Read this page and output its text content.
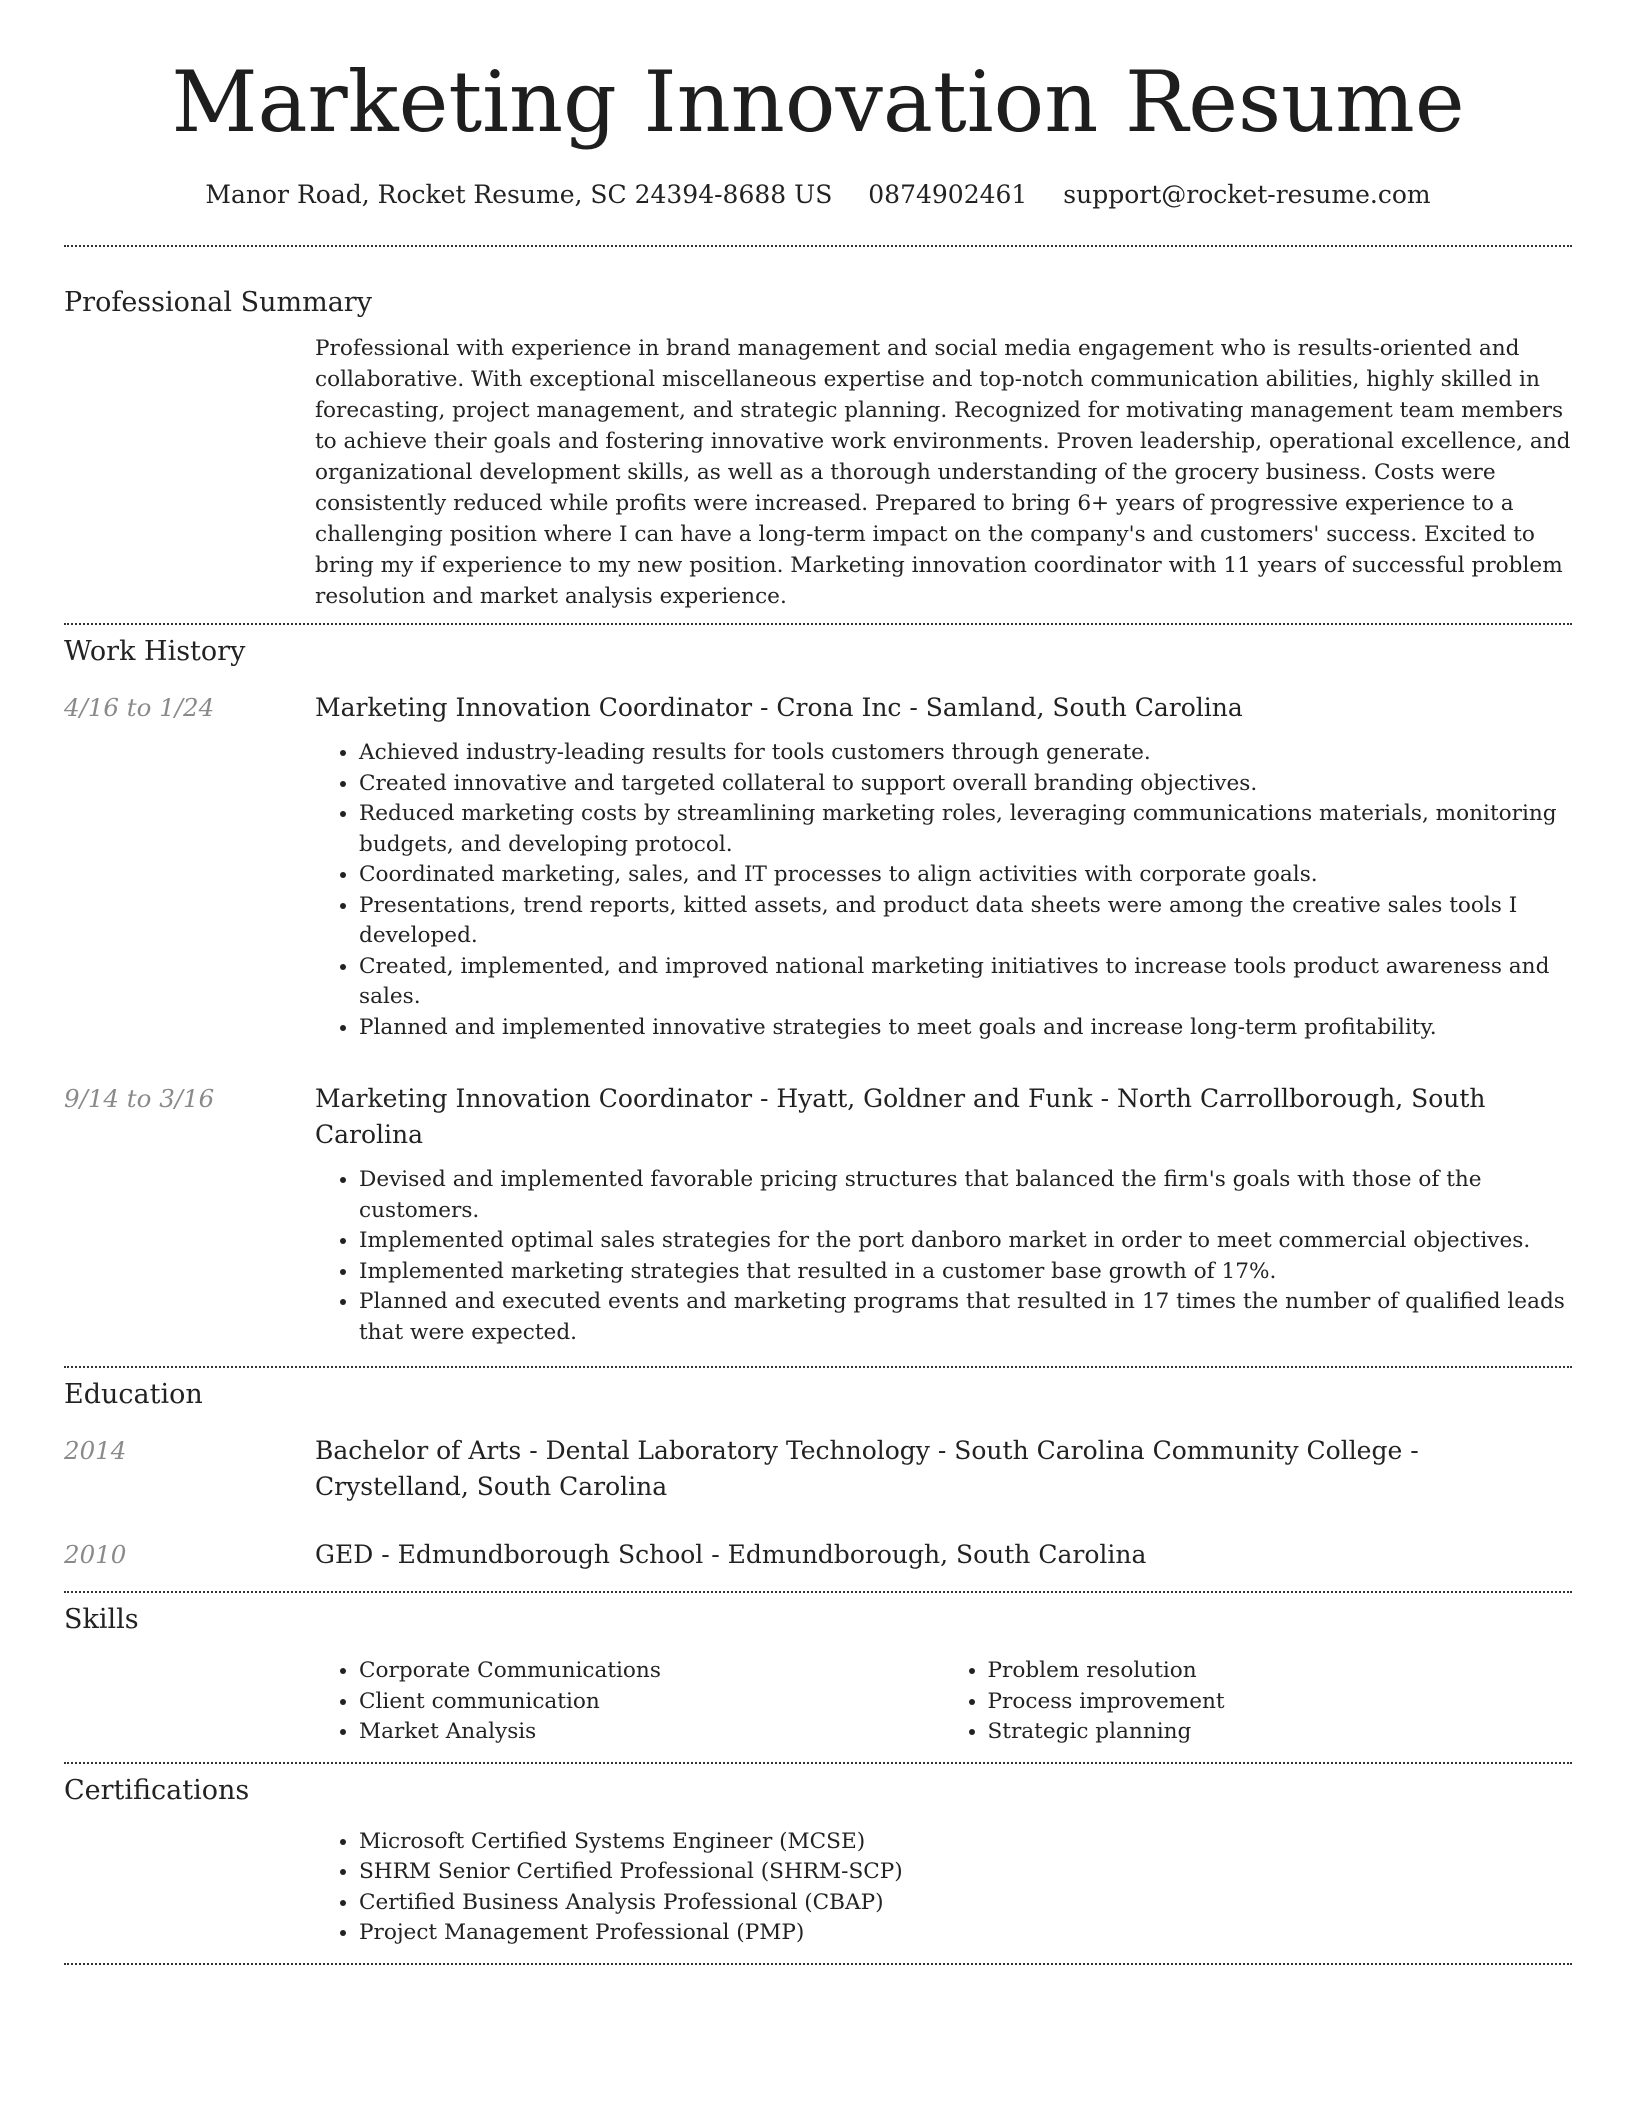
Marketing Innovation Resume
Manor Road, Rocket Resume, SC 24394-8688 US 0874902461 support@rocket-resume.com
Professional Summary
Professional with experience in brand management and social media engagement who is results-oriented and collaborative. With exceptional miscellaneous expertise and top-notch communication abilities, highly skilled in forecasting, project management, and strategic planning. Recognized for motivating management team members to achieve their goals and fostering innovative work environments. Proven leadership, operational excellence, and organizational development skills, as well as a thorough understanding of the grocery business. Costs were consistently reduced while profits were increased. Prepared to bring 6+ years of progressive experience to a challenging position where I can have a long-term impact on the company's and customers' success. Excited to bring my if experience to my new position. Marketing innovation coordinator with 11 years of successful problem resolution and market analysis experience.
Work History
4/16 to 1/24	Marketing Innovation Coordinator - Crona Inc - Samland, South Carolina
• Achieved industry-leading results for tools customers through generate.
• Created innovative and targeted collateral to support overall branding objectives.
• Reduced marketing costs by streamlining marketing roles, leveraging communications materials, monitoring budgets, and developing protocol.
• Coordinated marketing, sales, and IT processes to align activities with corporate goals.
• Presentations, trend reports, kitted assets, and product data sheets were among the creative sales tools I developed.
• Created, implemented, and improved national marketing initiatives to increase tools product awareness and sales.
• Planned and implemented innovative strategies to meet goals and increase long-term profitability.
9/14 to 3/16	Marketing Innovation Coordinator - Hyatt, Goldner and Funk - North Carrollborough, South Carolina
• Devised and implemented favorable pricing structures that balanced the firm's goals with those of the customers.
• Implemented optimal sales strategies for the port danboro market in order to meet commercial objectives.
• Implemented marketing strategies that resulted in a customer base growth of 17%.
• Planned and executed events and marketing programs that resulted in 17 times the number of qualified leads that were expected.
Education
2014	Bachelor of Arts - Dental Laboratory Technology - South Carolina Community College - Crystelland, South Carolina
2010	GED - Edmundborough School - Edmundborough, South Carolina
Skills
• Corporate Communications
• Client communication
• Market Analysis
• Problem resolution
• Process improvement
• Strategic planning
Certifications
• Microsoft Certified Systems Engineer (MCSE)
• SHRM Senior Certified Professional (SHRM-SCP)
• Certified Business Analysis Professional (CBAP)
• Project Management Professional (PMP)
